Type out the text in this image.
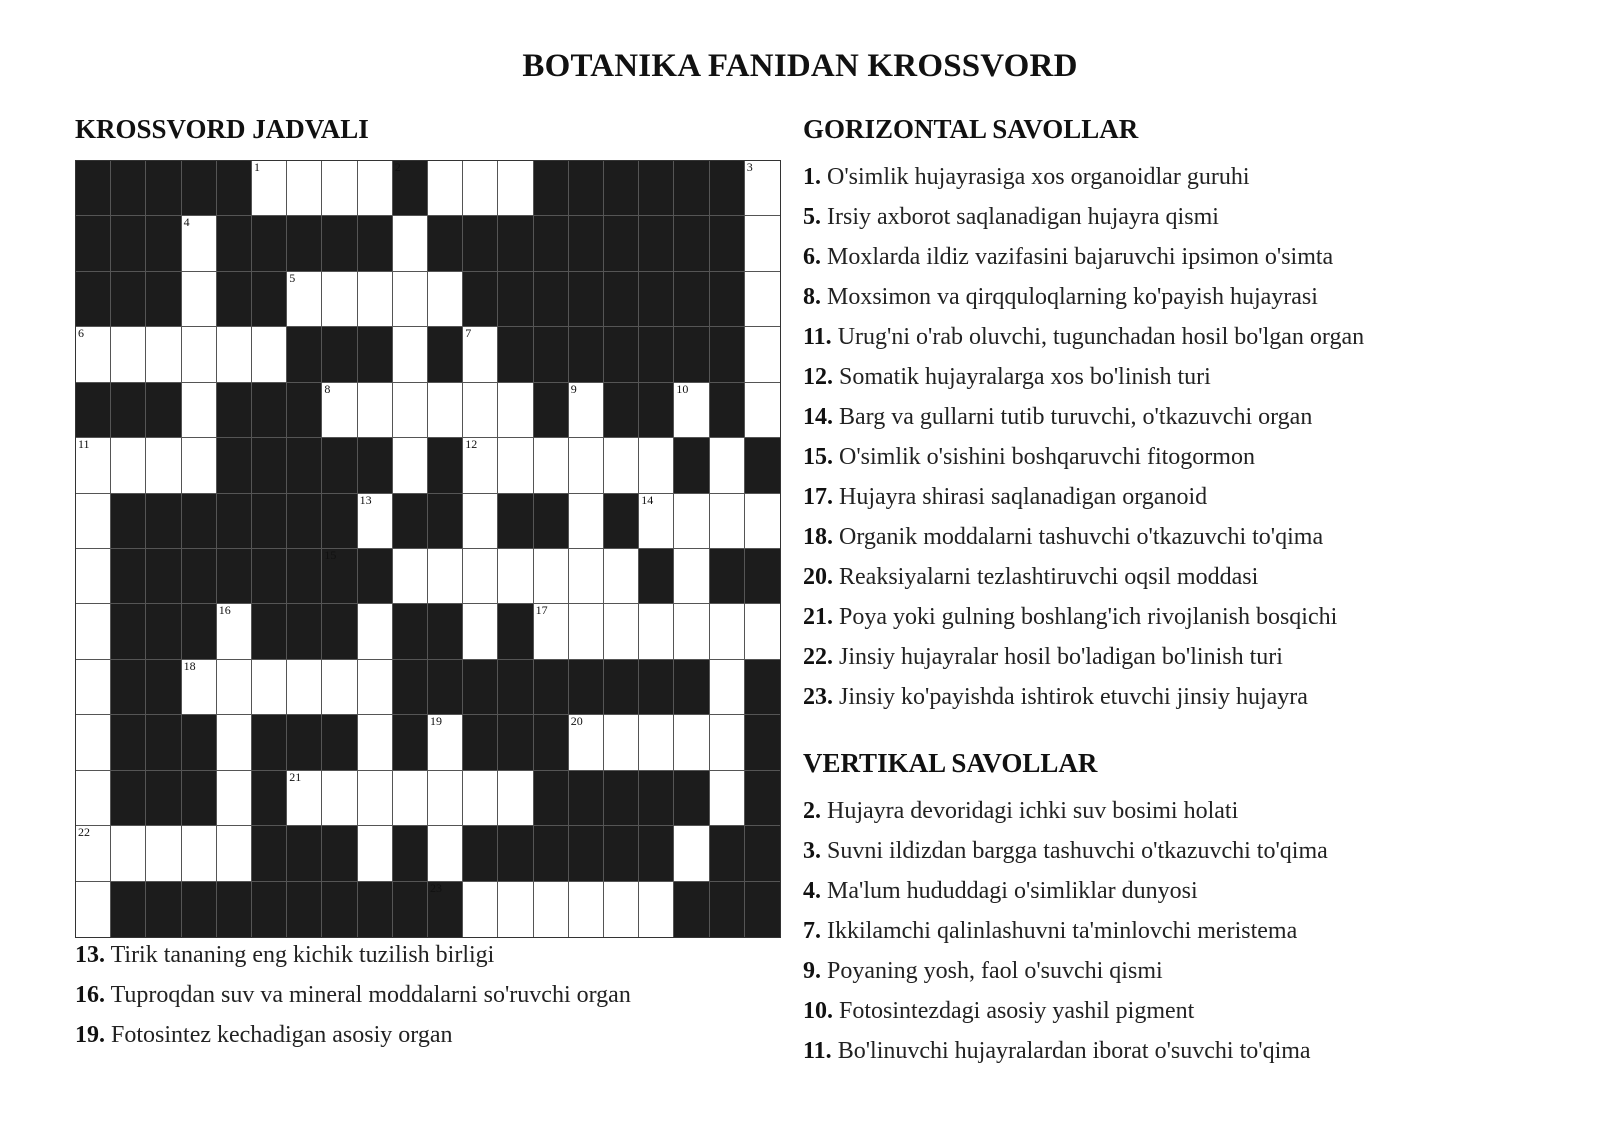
BOTANIKA FANIDAN KROSSVORD
KROSSVORD JADVALI	GORIZONTAL SAVOLLAR
VERTIKAL SAVOLLAR
1	2	3
4
5
6	7
8	9	10
11	12
13	14
15
16	17
18
19	20
21
22
23
1. O'simlik hujayrasiga xos organoidlar guruhi
5. Irsiy axborot saqlanadigan hujayra qismi
6. Moxlarda ildiz vazifasini bajaruvchi ipsimon o'simta
8. Moxsimon va qirqquloqlarning ko'payish hujayrasi
11. Urug'ni o'rab oluvchi, tugunchadan hosil bo'lgan organ
12. Somatik hujayralarga xos bo'linish turi
14. Barg va gullarni tutib turuvchi, o'tkazuvchi organ
15. O'simlik o'sishini boshqaruvchi fitogormon
17. Hujayra shirasi saqlanadigan organoid
18. Organik moddalarni tashuvchi o'tkazuvchi to'qima
20. Reaksiyalarni tezlashtiruvchi oqsil moddasi
21. Poya yoki gulning boshlang'ich rivojlanish bosqichi
22. Jinsiy hujayralar hosil bo'ladigan bo'linish turi
23. Jinsiy ko'payishda ishtirok etuvchi jinsiy hujayra
2. Hujayra devoridagi ichki suv bosimi holati
3. Suvni ildizdan bargga tashuvchi o'tkazuvchi to'qima
4. Ma'lum hududdagi o'simliklar dunyosi
7. Ikkilamchi qalinlashuvni ta'minlovchi meristema
9. Poyaning yosh, faol o'suvchi qismi
10. Fotosintezdagi asosiy yashil pigment
11. Bo'linuvchi hujayralardan iborat o'suvchi to'qima
13. Tirik tananing eng kichik tuzilish birligi
16. Tuproqdan suv va mineral moddalarni so'ruvchi organ
19. Fotosintez kechadigan asosiy organ
